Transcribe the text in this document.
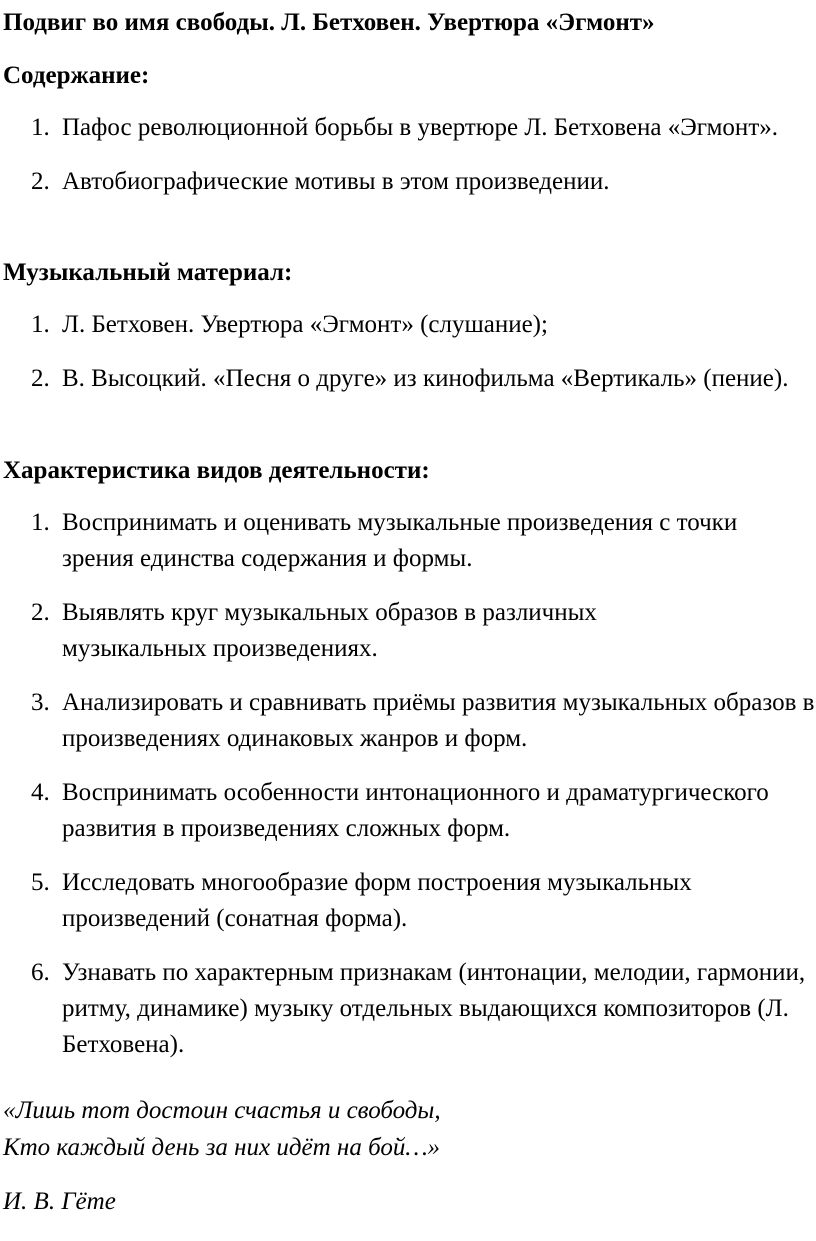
Подвиг во имя свободы. Л. Бетховен. Увертюра «Эгмонт»
Содержание:
1. Пафос революционной борьбы в увертюре Л. Бетховена «Эгмонт».
2. Автобиографические мотивы в этом произведении.
Музыкальный материал:
1. Л. Бетховен. Увертюра «Эгмонт» (слушание);
2. В. Высоцкий. «Песня о друге» из кинофильма «Вертикаль» (пение).
Характеристика видов деятельности:
1. Воспринимать и оценивать музыкальные произведения с точки зрения единства содержания и формы.
2. Выявлять круг музыкальных образов в различных музыкальных произведениях.
3. Анализировать и сравнивать приёмы развития музыкальных образов в произведениях одинаковых жанров и форм.
4. Воспринимать особенности интонационного и драматургического развития в произведениях сложных форм.
5. Исследовать многообразие форм построения музыкальных произведений (сонатная форма).
6. Узнавать по характерным признакам (интонации, мелодии, гармонии, ритму, динамике) музыку отдельных выдающихся композиторов (Л. Бетховена).

«Лишь тот достоин счастья и свободы,

Кто каждый день за них идёт на бой…»

И. В. Гёте
